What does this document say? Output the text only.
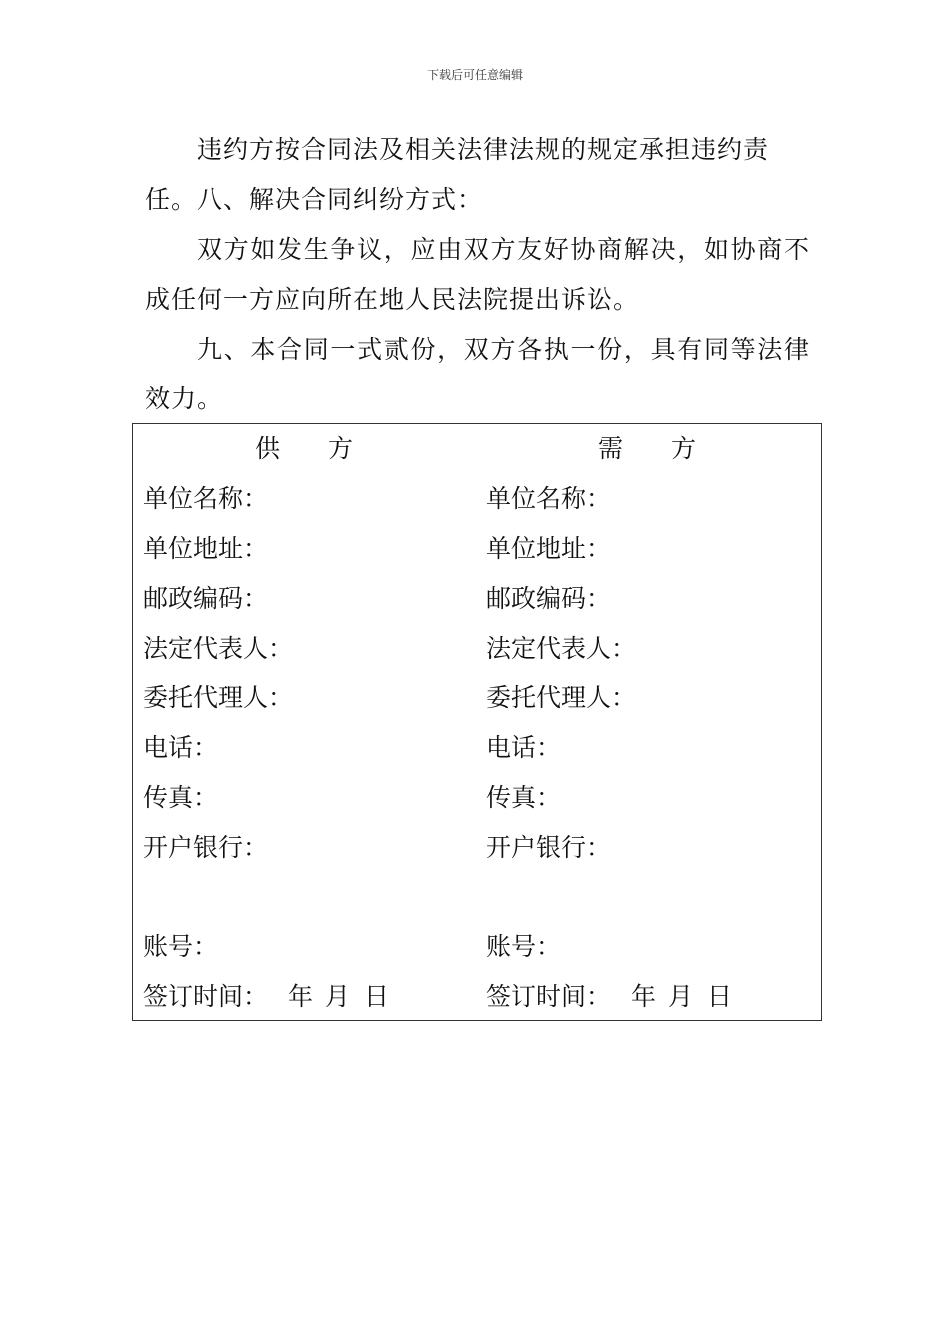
下载后可任意编辑

违约方按合同法及相关法律法规的规定承担违约责任。 八、解决合同纠纷方式：

双方如发生争议，应由双方友好协商解决，如协商不

成任何一方应向所在地人民法院提出诉讼。

九、本合同一式贰份，双方各执一份，具有同等法律

效力。

供 方
单位名称：
单位地址：
邮政编码：
法定代表人：
委托代理人：
电话：
传真：
开户银行：
账号：
签订时间： 年 月 日
需 方
单位名称：
单位地址：
邮政编码：
法定代表人：
委托代理人：
电话：
传真：
开户银行：
账号：
签订时间： 年 月 日
